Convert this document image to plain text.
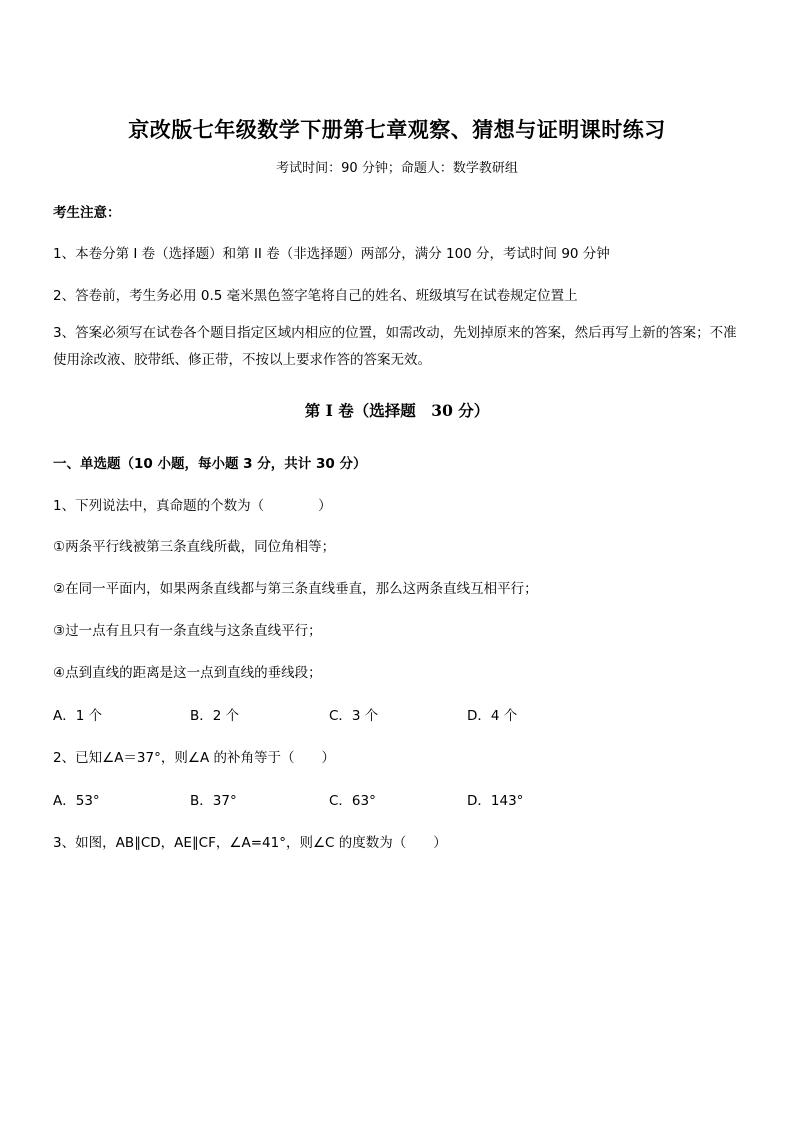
京改版七年级数学下册第七章观察、猜想与证明课时练习
考试时间：90 分钟；命题人：数学教研组
考生注意：
1、本卷分第 I 卷（选择题）和第 II 卷（非选择题）两部分，满分 100 分，考试时间 90 分钟
2、答卷前，考生务必用 0.5 毫米黑色签字笔将自己的姓名、班级填写在试卷规定位置上
3、答案必须写在试卷各个题目指定区域内相应的位置，如需改动，先划掉原来的答案，然后再写上新的答案；不准使用涂改液、胶带纸、修正带，不按以上要求作答的答案无效。
第 I 卷（选择题　30 分）
一、单选题（10 小题，每小题 3 分，共计 30 分）
1、下列说法中，真命题的个数为（　　　　）
①两条平行线被第三条直线所截，同位角相等；
②在同一平面内，如果两条直线都与第三条直线垂直，那么这两条直线互相平行；
③过一点有且只有一条直线与这条直线平行；
④点到直线的距离是这一点到直线的垂线段；
A．1 个	B．2 个	C．3 个	D．4 个
2、已知∠A＝37°，则∠A 的补角等于（　　）
A．53°	B．37°	C．63°	D．143°
3、如图，AB∥CD，AE∥CF，∠A=41°，则∠C 的度数为（　　）
